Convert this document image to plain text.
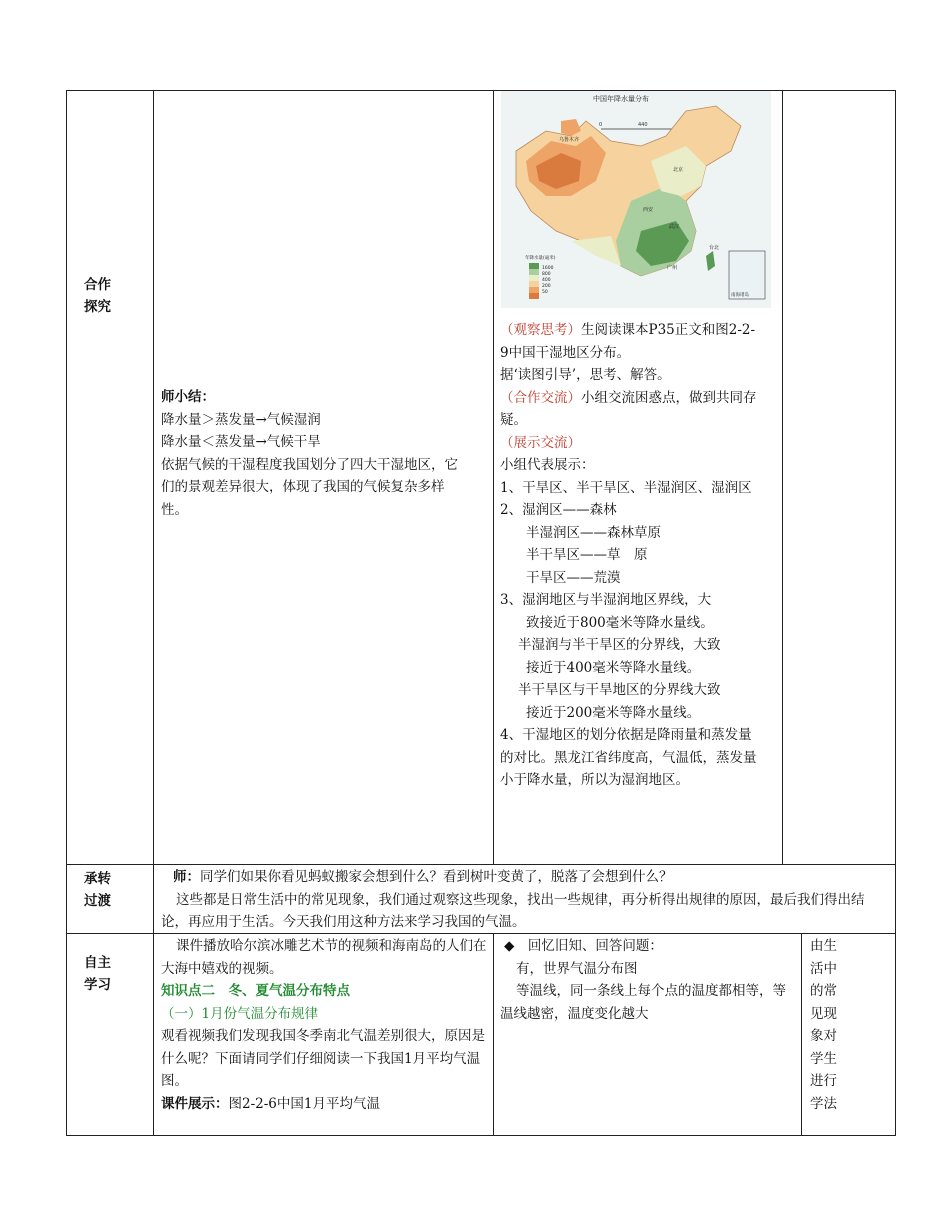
合作
探究

师小结：

降水量＞蒸发量→气候湿润

降水量＜蒸发量→气候干旱

依据气候的干湿程度我国划分了四大干湿地区，它们的景观差异很大，体现了我国的气候复杂多样性。

中国年降水量分布
0	440
乌鲁木齐
北京
西安
武汉
广州
台北
年降水量(毫米)
1600
800
400
200
50
南海诸岛

（观察思考）生阅读课本P35正文和图2-2-9中国干湿地区分布。

据‘读图引导’，思考、解答。

（合作交流）小组交流困惑点，做到共同存疑。

（展示交流）

小组代表展示：

1、干旱区、半干旱区、半湿润区、湿润区

2、湿润区——森林

半湿润区——森林草原

半干旱区——草　原

干旱区——荒漠

3、湿润地区与半湿润地区界线，大

致接近于800毫米等降水量线。

半湿润与半干旱区的分界线，大致

接近于400毫米等降水量线。

半干旱区与干旱地区的分界线大致

接近于200毫米等降水量线。

4、干湿地区的划分依据是降雨量和蒸发量的对比。黑龙江省纬度高，气温低，蒸发量小于降水量，所以为湿润地区。

承转
过渡

师：同学们如果你看见蚂蚁搬家会想到什么？看到树叶变黄了，脱落了会想到什么？

这些都是日常生活中的常见现象，我们通过观察这些现象，找出一些规律，再分析得出规律的原因，最后我们得出结论，再应用于生活。今天我们用这种方法来学习我国的气温。

自主
学习

课件播放哈尔滨冰雕艺术节的视频和海南岛的人们在大海中嬉戏的视频。

知识点二　冬、夏气温分布特点

（一）1月份气温分布规律

观看视频我们发现我国冬季南北气温差别很大，原因是什么呢？下面请同学们仔细阅读一下我国1月平均气温图。

课件展示：图2-2-6中国1月平均气温

◆　回忆旧知、回答问题：

有，世界气温分布图

等温线，同一条线上每个点的温度都相等，等温线越密，温度变化越大

由生

活中

的常

见现

象对

学生

进行

学法
